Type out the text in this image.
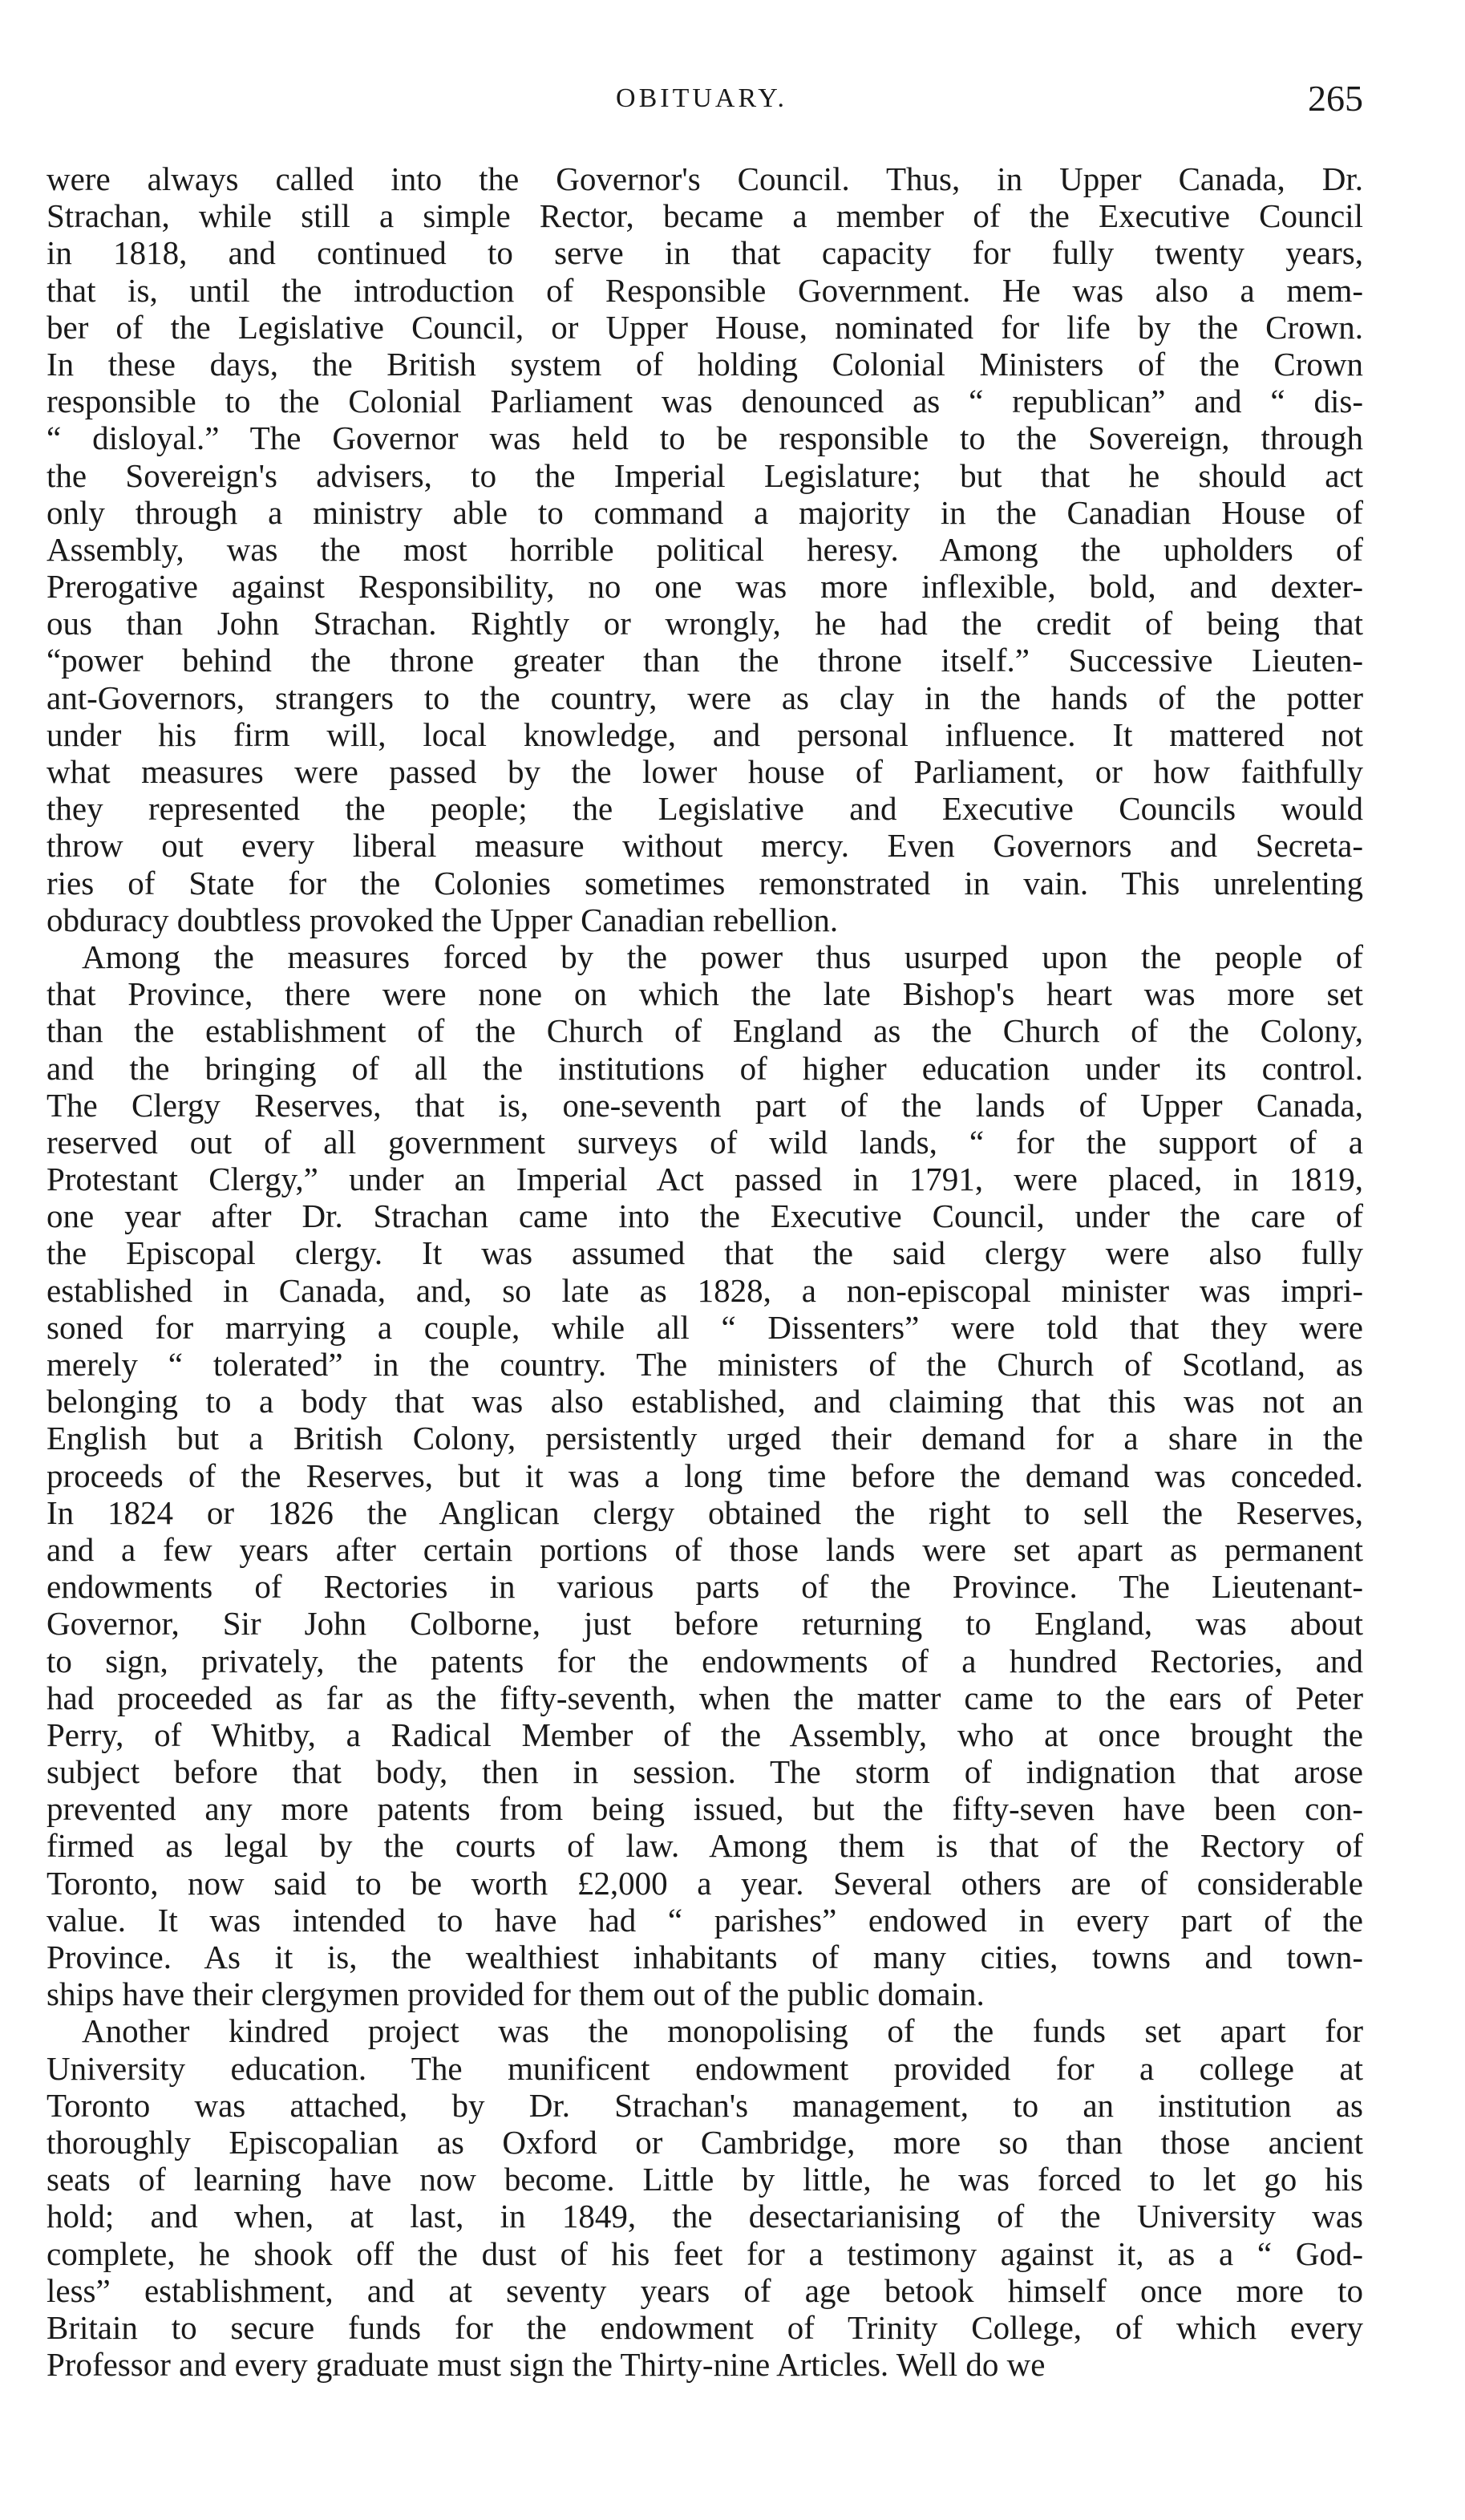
OBITUARY.	265
were always called into the Governor's Council. Thus, in Upper Canada, Dr.
Strachan, while still a simple Rector, became a member of the Executive Council
in 1818, and continued to serve in that capacity for fully twenty years,
that is, until the introduction of Responsible Government. He was also a mem-
ber of the Legislative Council, or Upper House, nominated for life by the Crown.
In these days, the British system of holding Colonial Ministers of the Crown
responsible to the Colonial Parliament was denounced as “ republican” and “ dis-
“ disloyal.” The Governor was held to be responsible to the Sovereign, through
the Sovereign's advisers, to the Imperial Legislature; but that he should act
only through a ministry able to command a majority in the Canadian House of
Assembly, was the most horrible political heresy. Among the upholders of
Prerogative against Responsibility, no one was more inflexible, bold, and dexter-
ous than John Strachan. Rightly or wrongly, he had the credit of being that
“power behind the throne greater than the throne itself.” Successive Lieuten-
ant-Governors, strangers to the country, were as clay in the hands of the potter
under his firm will, local knowledge, and personal influence. It mattered not
what measures were passed by the lower house of Parliament, or how faithfully
they represented the people; the Legislative and Executive Councils would
throw out every liberal measure without mercy. Even Governors and Secreta-
ries of State for the Colonies sometimes remonstrated in vain. This unrelenting
obduracy doubtless provoked the Upper Canadian rebellion.
Among the measures forced by the power thus usurped upon the people of
that Province, there were none on which the late Bishop's heart was more set
than the establishment of the Church of England as the Church of the Colony,
and the bringing of all the institutions of higher education under its control.
The Clergy Reserves, that is, one-seventh part of the lands of Upper Canada,
reserved out of all government surveys of wild lands, “ for the support of a
Protestant Clergy,” under an Imperial Act passed in 1791, were placed, in 1819,
one year after Dr. Strachan came into the Executive Council, under the care of
the Episcopal clergy. It was assumed that the said clergy were also fully
established in Canada, and, so late as 1828, a non-episcopal minister was impri-
soned for marrying a couple, while all “ Dissenters” were told that they were
merely “ tolerated” in the country. The ministers of the Church of Scotland, as
belonging to a body that was also established, and claiming that this was not an
English but a British Colony, persistently urged their demand for a share in the
proceeds of the Reserves, but it was a long time before the demand was conceded.
In 1824 or 1826 the Anglican clergy obtained the right to sell the Reserves,
and a few years after certain portions of those lands were set apart as permanent
endowments of Rectories in various parts of the Province. The Lieutenant-
Governor, Sir John Colborne, just before returning to England, was about
to sign, privately, the patents for the endowments of a hundred Rectories, and
had proceeded as far as the fifty-seventh, when the matter came to the ears of Peter
Perry, of Whitby, a Radical Member of the Assembly, who at once brought the
subject before that body, then in session. The storm of indignation that arose
prevented any more patents from being issued, but the fifty-seven have been con-
firmed as legal by the courts of law. Among them is that of the Rectory of
Toronto, now said to be worth £2,000 a year. Several others are of considerable
value. It was intended to have had “ parishes” endowed in every part of the
Province. As it is, the wealthiest inhabitants of many cities, towns and town-
ships have their clergymen provided for them out of the public domain.
Another kindred project was the monopolising of the funds set apart for
University education. The munificent endowment provided for a college at
Toronto was attached, by Dr. Strachan's management, to an institution as
thoroughly Episcopalian as Oxford or Cambridge, more so than those ancient
seats of learning have now become. Little by little, he was forced to let go his
hold; and when, at last, in 1849, the desectarianising of the University was
complete, he shook off the dust of his feet for a testimony against it, as a “ God-
less” establishment, and at seventy years of age betook himself once more to
Britain to secure funds for the endowment of Trinity College, of which every
Professor and every graduate must sign the Thirty-nine Articles. Well do we
